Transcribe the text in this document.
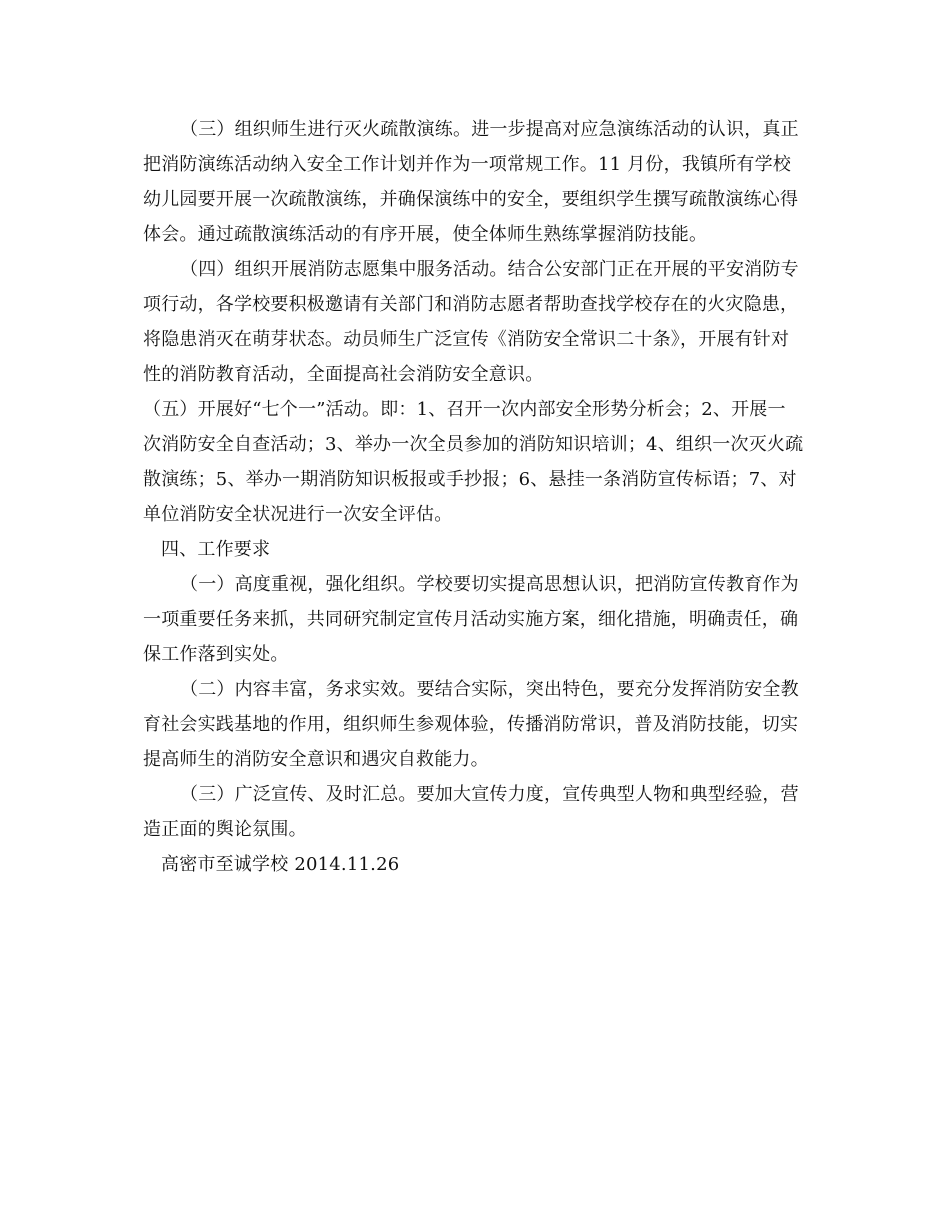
（三）组织师生进行灭火疏散演练。进一步提高对应急演练活动的认识，真正
把消防演练活动纳入安全工作计划并作为一项常规工作。11 月份，我镇所有学校
幼儿园要开展一次疏散演练，并确保演练中的安全，要组织学生撰写疏散演练心得
体会。通过疏散演练活动的有序开展，使全体师生熟练掌握消防技能。
（四）组织开展消防志愿集中服务活动。结合公安部门正在开展的平安消防专
项行动，各学校要积极邀请有关部门和消防志愿者帮助查找学校存在的火灾隐患，
将隐患消灭在萌芽状态。动员师生广泛宣传《消防安全常识二十条》，开展有针对
性的消防教育活动，全面提高社会消防安全意识。
（五）开展好“七个一”活动。即：1、召开一次内部安全形势分析会；2、开展一
次消防安全自查活动；3、举办一次全员参加的消防知识培训；4、组织一次灭火疏
散演练；5、举办一期消防知识板报或手抄报；6、悬挂一条消防宣传标语；7、对
单位消防安全状况进行一次安全评估。
四、工作要求
（一）高度重视，强化组织。学校要切实提高思想认识，把消防宣传教育作为
一项重要任务来抓，共同研究制定宣传月活动实施方案，细化措施，明确责任，确
保工作落到实处。
（二）内容丰富，务求实效。要结合实际，突出特色，要充分发挥消防安全教
育社会实践基地的作用，组织师生参观体验，传播消防常识，普及消防技能，切实
提高师生的消防安全意识和遇灾自救能力。
（三）广泛宣传、及时汇总。要加大宣传力度，宣传典型人物和典型经验，营
造正面的舆论氛围。
高密市至诚学校 2014.11.26
